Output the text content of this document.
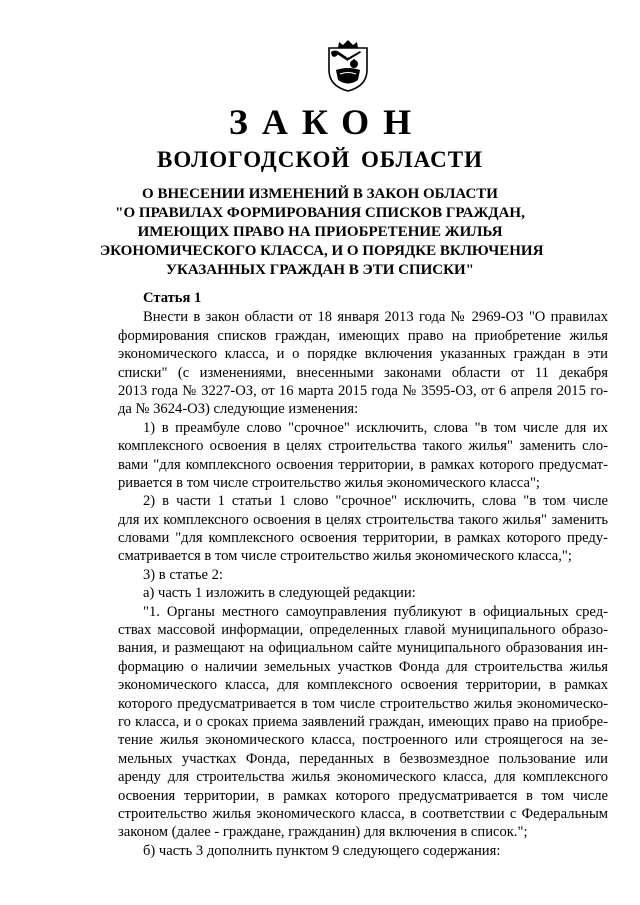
ЗАКОН
ВОЛОГОДСКОЙ ОБЛАСТИ
О ВНЕСЕНИИ ИЗМЕНЕНИЙ В ЗАКОН ОБЛАСТИ
"О ПРАВИЛАХ ФОРМИРОВАНИЯ СПИСКОВ ГРАЖДАН,
ИМЕЮЩИХ ПРАВО НА ПРИОБРЕТЕНИЕ ЖИЛЬЯ
ЭКОНОМИЧЕСКОГО КЛАССА, И О ПОРЯДКЕ ВКЛЮЧЕНИЯ
УКАЗАННЫХ ГРАЖДАН В ЭТИ СПИСКИ"
Статья 1
Внести в закон области от 18 января 2013 года № 2969-ОЗ "О правилах
формирования списков граждан, имеющих право на приобретение жилья
экономического класса, и о порядке включения указанных граждан в эти
списки" (с изменениями, внесенными законами области от 11 декабря
2013 года № 3227-ОЗ, от 16 марта 2015 года № 3595-ОЗ, от 6 апреля 2015 го-
да № 3624-ОЗ) следующие изменения:
1) в преамбуле слово "срочное" исключить, слова "в том числе для их
комплексного освоения в целях строительства такого жилья" заменить сло-
вами "для комплексного освоения территории, в рамках которого предусмат-
ривается в том числе строительство жилья экономического класса";
2) в части 1 статьи 1 слово "срочное" исключить, слова "в том числе
для их комплексного освоения в целях строительства такого жилья" заменить
словами "для комплексного освоения территории, в рамках которого преду-
сматривается в том числе строительство жилья экономического класса,";
3) в статье 2:
а) часть 1 изложить в следующей редакции:
"1. Органы местного самоуправления публикуют в официальных сред-
ствах массовой информации, определенных главой муниципального образо-
вания, и размещают на официальном сайте муниципального образования ин-
формацию о наличии земельных участков Фонда для строительства жилья
экономического класса, для комплексного освоения территории, в рамках
которого предусматривается в том числе строительство жилья экономическо-
го класса, и о сроках приема заявлений граждан, имеющих право на приобре-
тение жилья экономического класса, построенного или строящегося на зе-
мельных участках Фонда, переданных в безвозмездное пользование или
аренду для строительства жилья экономического класса, для комплексного
освоения территории, в рамках которого предусматривается в том числе
строительство жилья экономического класса, в соответствии с Федеральным
законом (далее - граждане, гражданин) для включения в список.";
б) часть 3 дополнить пунктом 9 следующего содержания:
